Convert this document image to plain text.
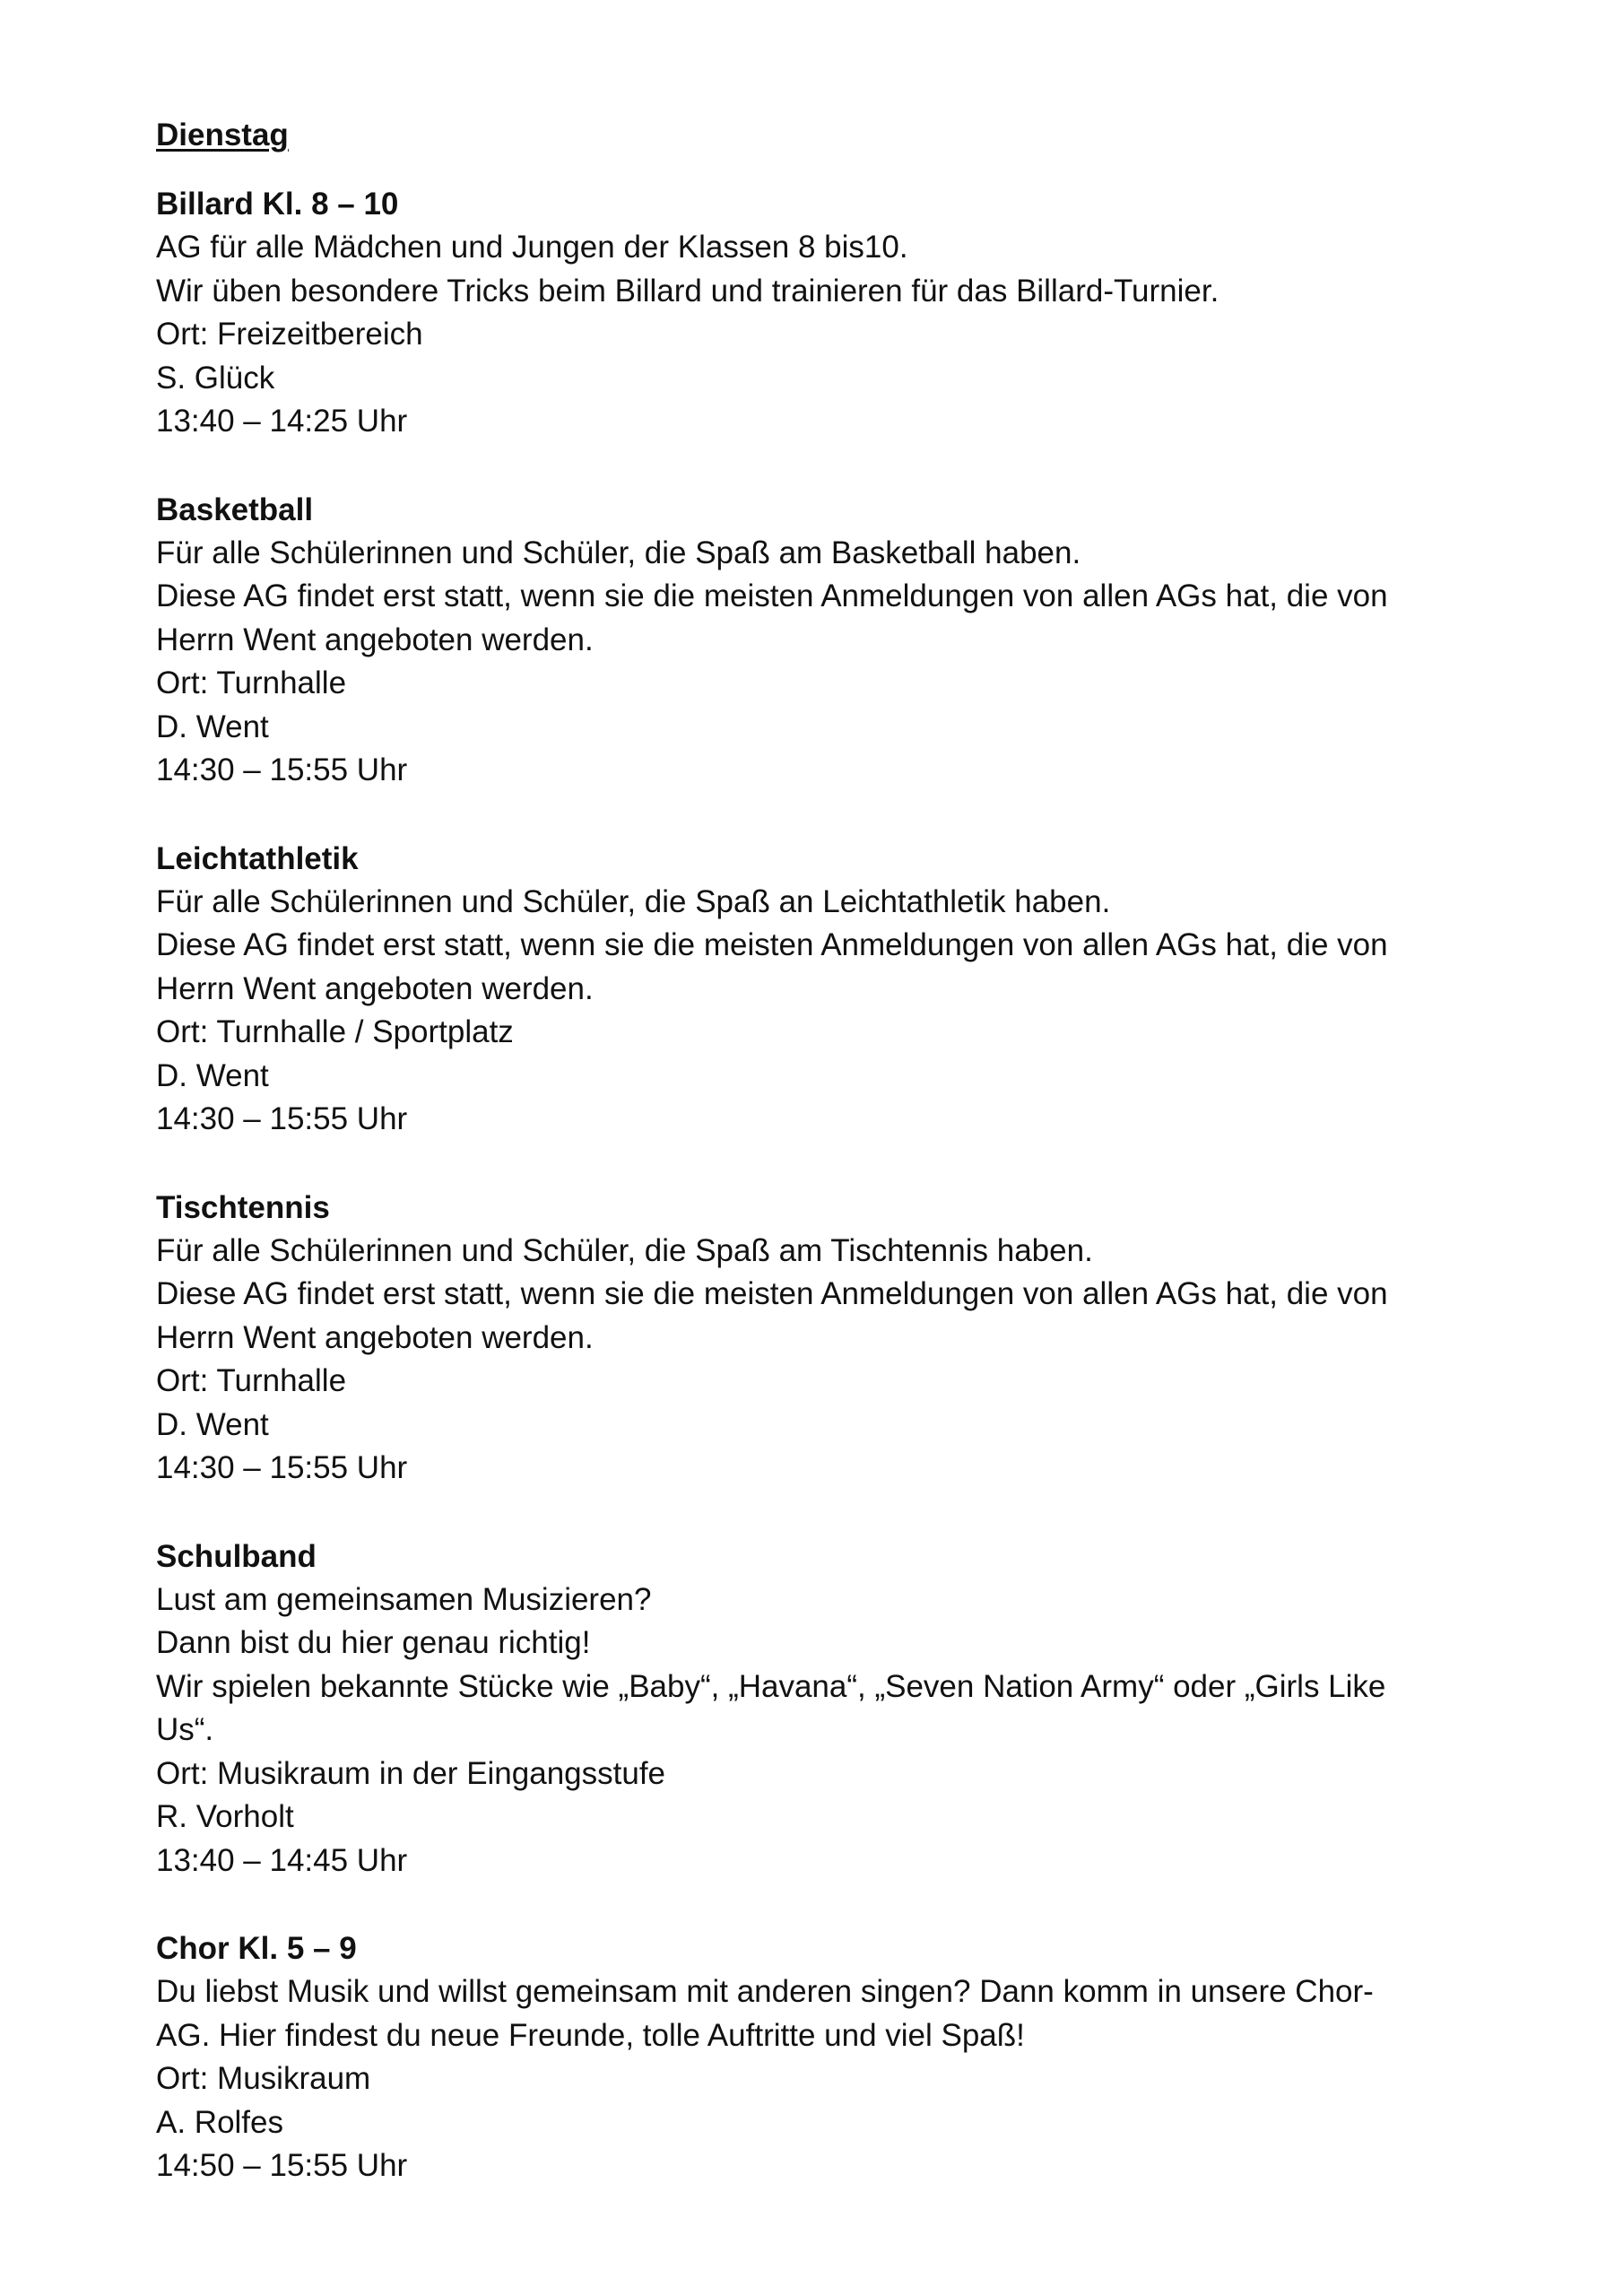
Dienstag
Billard Kl. 8 – 10

AG für alle Mädchen und Jungen der Klassen 8 bis10.

Wir üben besondere Tricks beim Billard und trainieren für das Billard-Turnier.

Ort: Freizeitbereich

S. Glück

13:40 – 14:25 Uhr

Basketball

Für alle Schülerinnen und Schüler, die Spaß am Basketball haben.

Diese AG findet erst statt, wenn sie die meisten Anmeldungen von allen AGs hat, die von

Herrn Went angeboten werden.

Ort: Turnhalle

D. Went

14:30 – 15:55 Uhr

Leichtathletik

Für alle Schülerinnen und Schüler, die Spaß an Leichtathletik haben.

Diese AG findet erst statt, wenn sie die meisten Anmeldungen von allen AGs hat, die von

Herrn Went angeboten werden.

Ort: Turnhalle / Sportplatz

D. Went

14:30 – 15:55 Uhr

Tischtennis

Für alle Schülerinnen und Schüler, die Spaß am Tischtennis haben.

Diese AG findet erst statt, wenn sie die meisten Anmeldungen von allen AGs hat, die von

Herrn Went angeboten werden.

Ort: Turnhalle

D. Went

14:30 – 15:55 Uhr

Schulband

Lust am gemeinsamen Musizieren?

Dann bist du hier genau richtig!

Wir spielen bekannte Stücke wie „Baby“, „Havana“, „Seven Nation Army“ oder „Girls Like

Us“.

Ort: Musikraum in der Eingangsstufe

R. Vorholt

13:40 – 14:45 Uhr

Chor Kl. 5 – 9

Du liebst Musik und willst gemeinsam mit anderen singen? Dann komm in unsere Chor-

AG. Hier findest du neue Freunde, tolle Auftritte und viel Spaß!

Ort: Musikraum

A. Rolfes

14:50 – 15:55 Uhr
